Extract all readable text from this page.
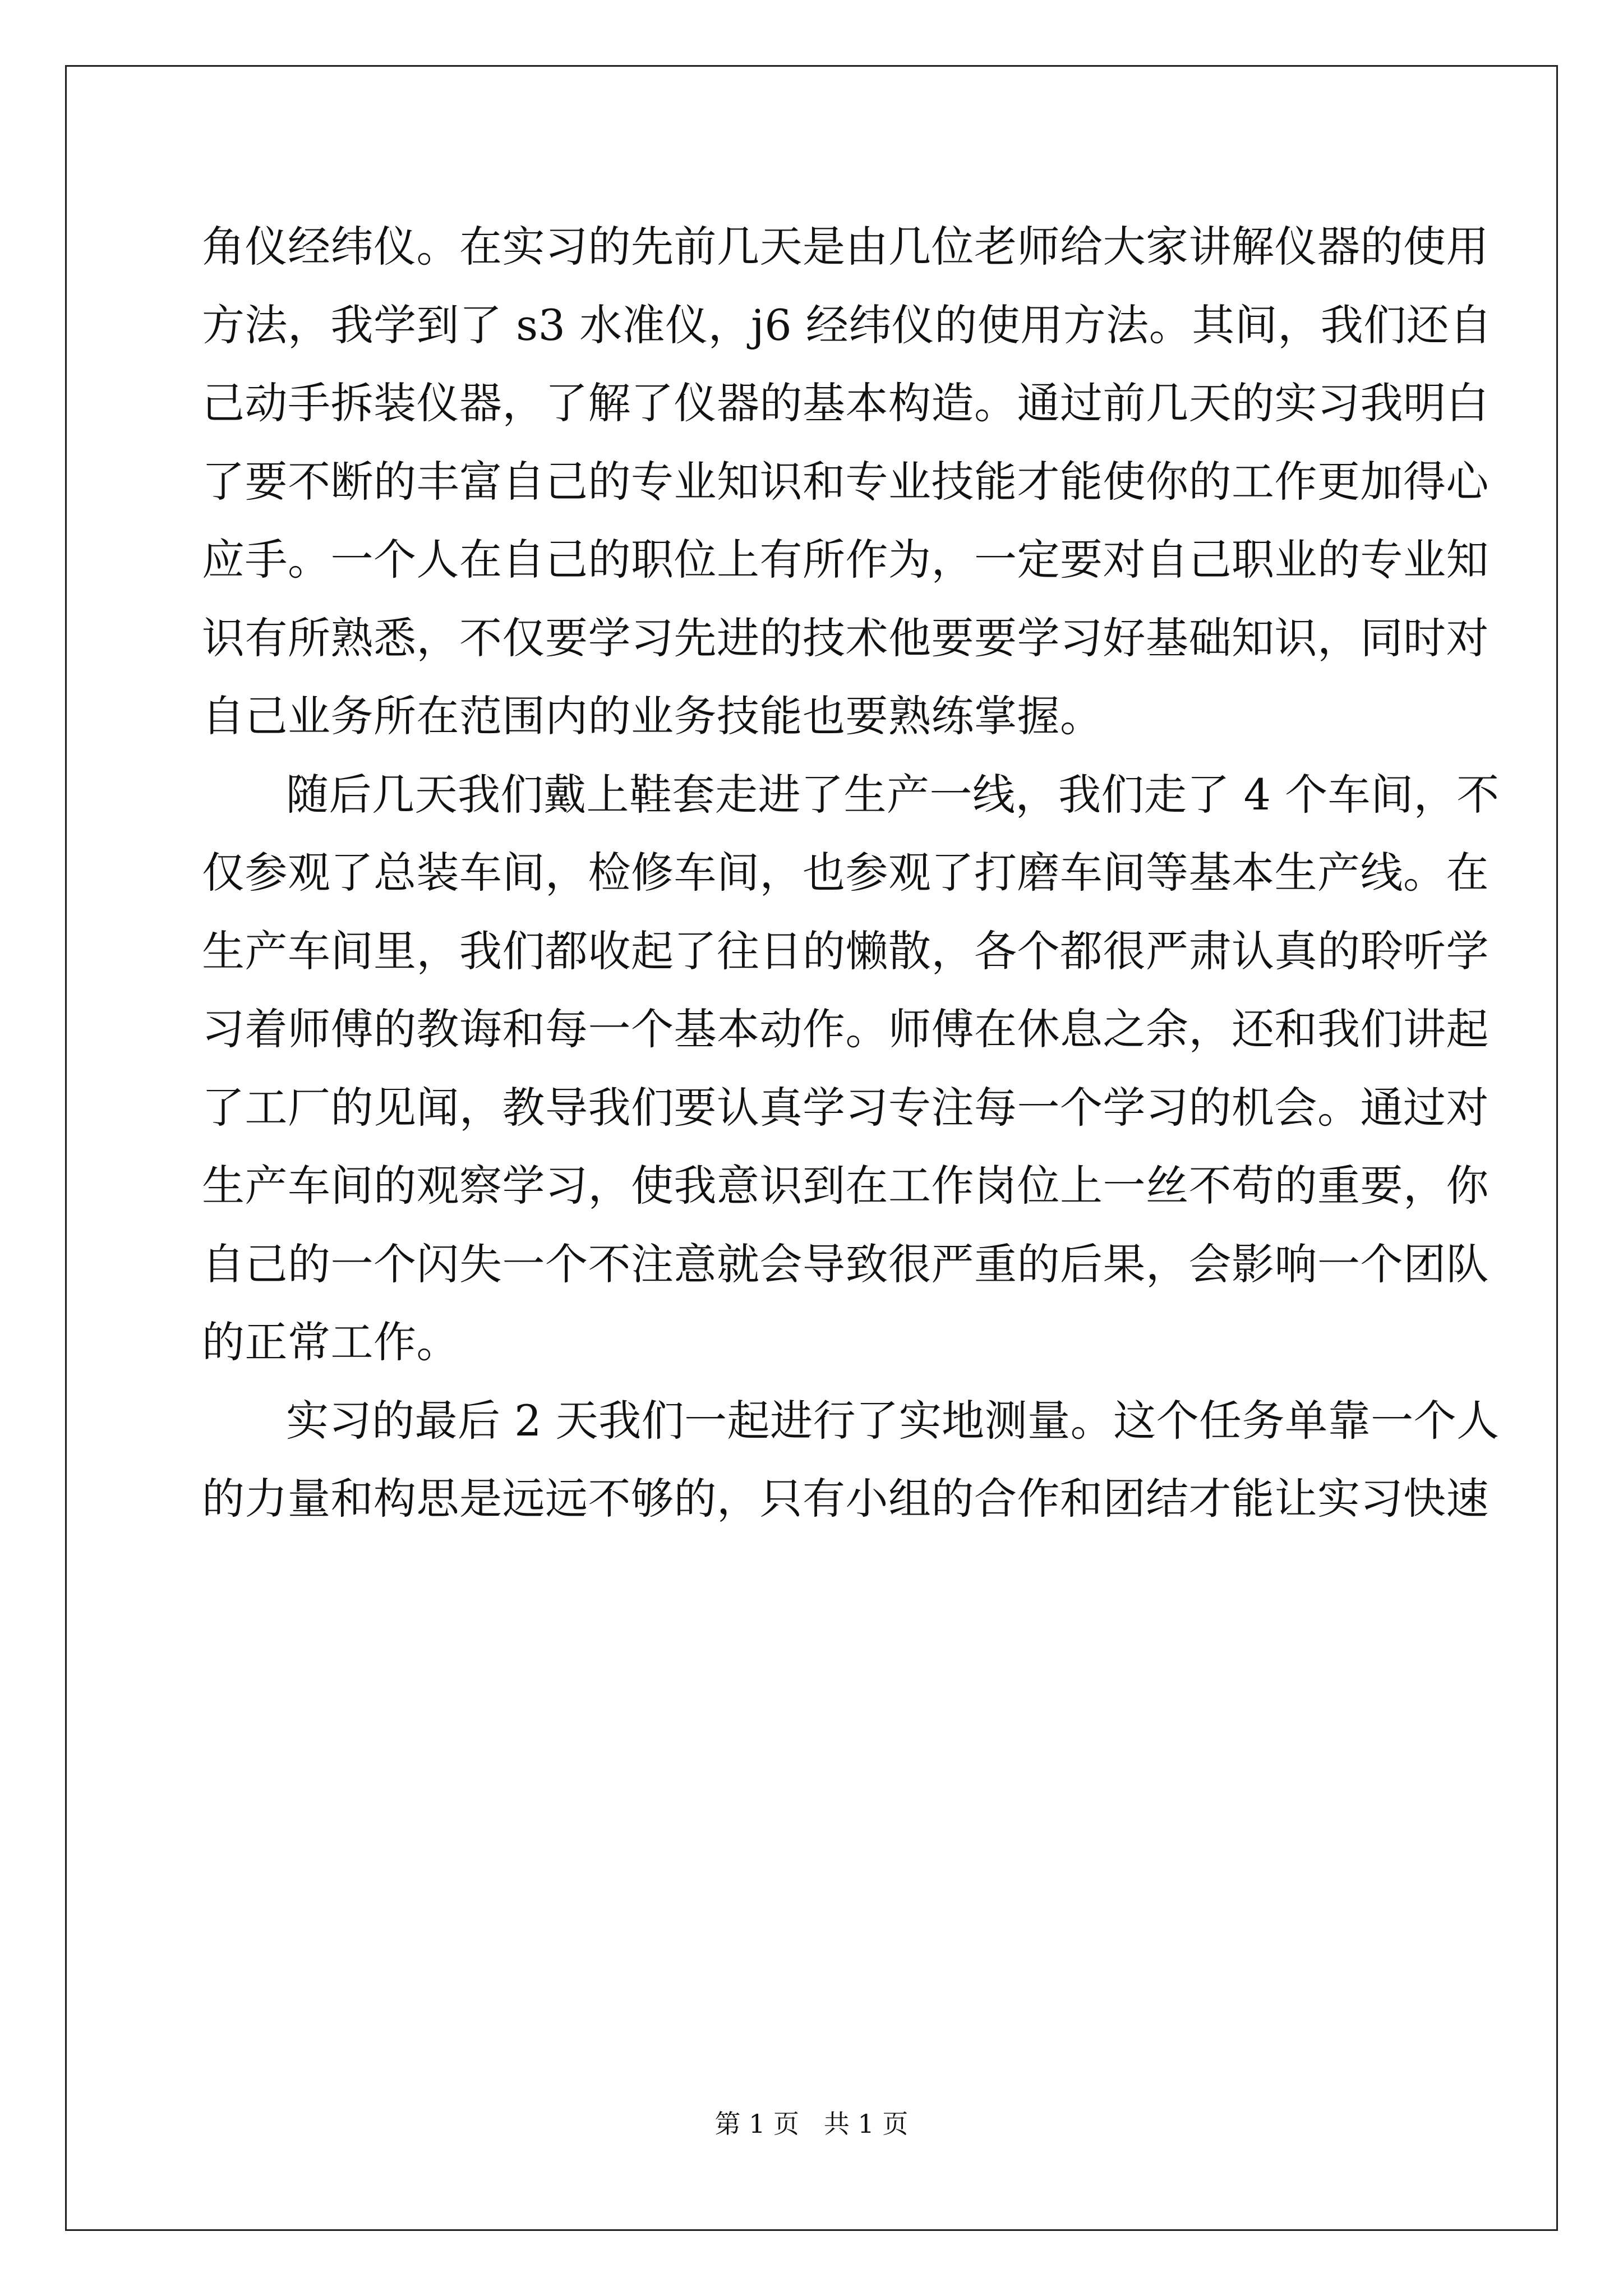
角仪经纬仪。在实习的先前几天是由几位老师给大家讲解仪器的使用
方法，我学到了 s3 水准仪，j6 经纬仪的使用方法。其间，我们还自
己动手拆装仪器，了解了仪器的基本构造。通过前几天的实习我明白
了要不断的丰富自己的专业知识和专业技能才能使你的工作更加得心
应手。一个人在自己的职位上有所作为，一定要对自己职业的专业知
识有所熟悉，不仅要学习先进的技术他要要学习好基础知识，同时对
自己业务所在范围内的业务技能也要熟练掌握。
随后几天我们戴上鞋套走进了生产一线，我们走了 4 个车间，不
仅参观了总装车间，检修车间，也参观了打磨车间等基本生产线。在
生产车间里，我们都收起了往日的懒散，各个都很严肃认真的聆听学
习着师傅的教诲和每一个基本动作。师傅在休息之余，还和我们讲起
了工厂的见闻，教导我们要认真学习专注每一个学习的机会。通过对
生产车间的观察学习，使我意识到在工作岗位上一丝不苟的重要，你
自己的一个闪失一个不注意就会导致很严重的后果，会影响一个团队
的正常工作。
实习的最后 2 天我们一起进行了实地测量。这个任务单靠一个人
的力量和构思是远远不够的，只有小组的合作和团结才能让实习快速
第 1 页   共 1 页
